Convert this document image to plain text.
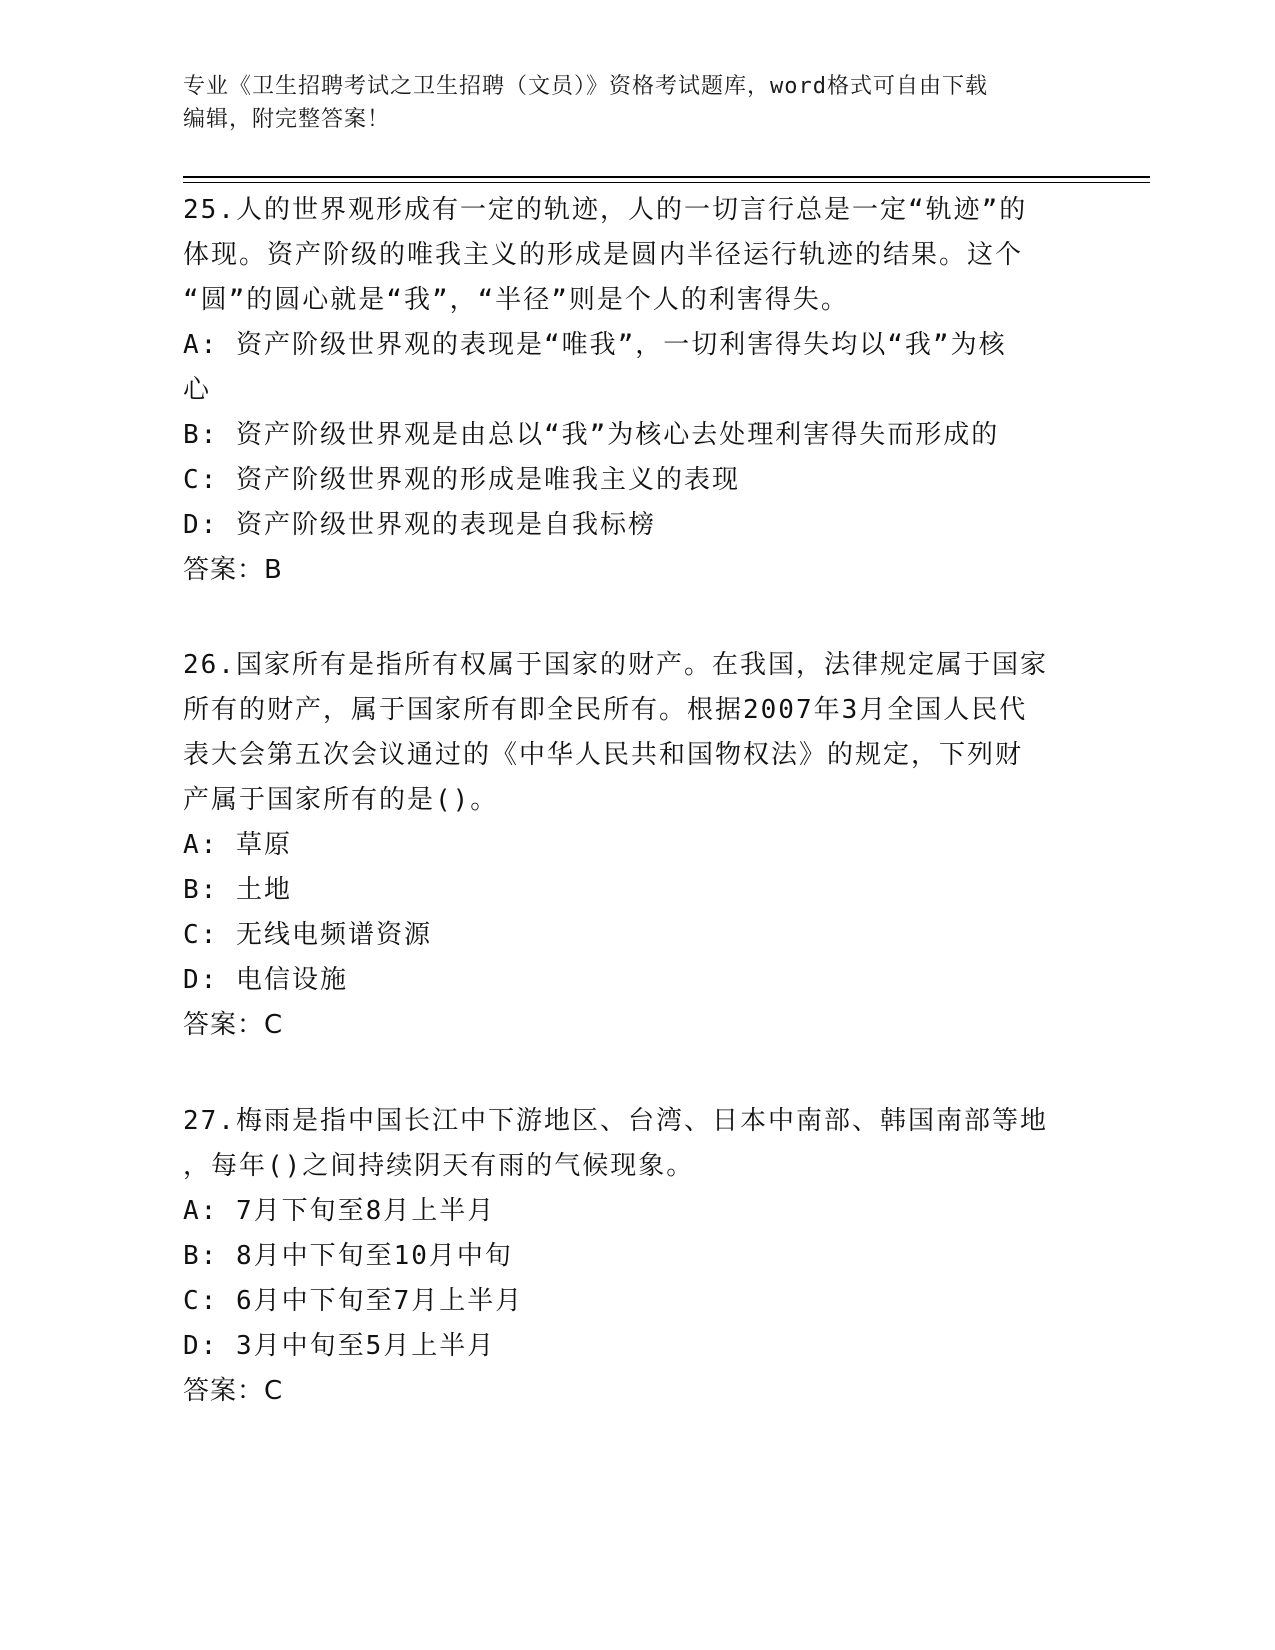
专业《卫生招聘考试之卫生招聘（文员）》资格考试题库，word格式可自由下载
编辑，附完整答案！
25.人的世界观形成有一定的轨迹，人的一切言行总是一定“轨迹”的
体现。资产阶级的唯我主义的形成是圆内半径运行轨迹的结果。这个
“圆”的圆心就是“我”，“半径”则是个人的利害得失。
A: 资产阶级世界观的表现是“唯我”，一切利害得失均以“我”为核
心
B: 资产阶级世界观是由总以“我”为核心去处理利害得失而形成的
C: 资产阶级世界观的形成是唯我主义的表现
D: 资产阶级世界观的表现是自我标榜
答案：B
26.国家所有是指所有权属于国家的财产。在我国，法律规定属于国家
所有的财产，属于国家所有即全民所有。根据2007年3月全国人民代
表大会第五次会议通过的《中华人民共和国物权法》的规定，下列财
产属于国家所有的是()。
A: 草原
B: 土地
C: 无线电频谱资源
D: 电信设施
答案：C
27.梅雨是指中国长江中下游地区、台湾、日本中南部、韩国南部等地
，每年()之间持续阴天有雨的气候现象。
A: 7月下旬至8月上半月
B: 8月中下旬至10月中旬
C: 6月中下旬至7月上半月
D: 3月中旬至5月上半月
答案：C
